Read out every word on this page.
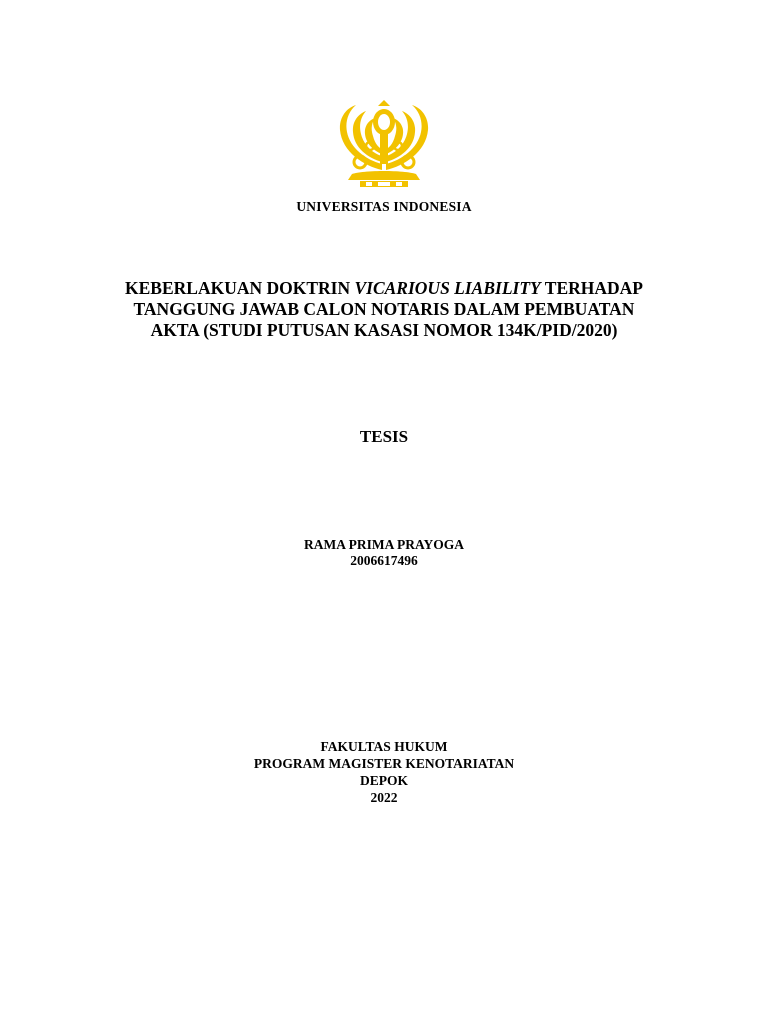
UNIVERSITAS INDONESIA

KEBERLAKUAN DOKTRIN VICARIOUS LIABILITY TERHADAP
TANGGUNG JAWAB CALON NOTARIS DALAM PEMBUATAN
AKTA (STUDI PUTUSAN KASASI NOMOR 134K/PID/2020)

TESIS

RAMA PRIMA PRAYOGA
2006617496

FAKULTAS HUKUM
PROGRAM MAGISTER KENOTARIATAN
DEPOK
2022
